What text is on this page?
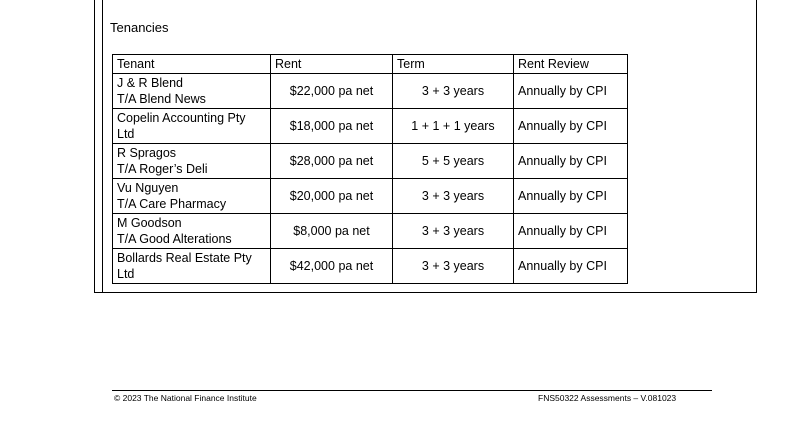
Tenancies
Tenant	Rent	Term	Rent Review

J & R Blend
T/A Blend News	$22,000 pa net	3 + 3 years	Annually by CPI

Copelin Accounting Pty
Ltd	$18,000 pa net	1 + 1 + 1 years	Annually by CPI

R Spragos
T/A Roger’s Deli	$28,000 pa net	5 + 5 years	Annually by CPI

Vu Nguyen
T/A Care Pharmacy	$20,000 pa net	3 + 3 years	Annually by CPI

M Goodson
T/A Good Alterations	$8,000 pa net	3 + 3 years	Annually by CPI

Bollards Real Estate Pty
Ltd	$42,000 pa net	3 + 3 years	Annually by CPI
© 2023 The National Finance Institute	FNS50322 Assessments – V.081023
